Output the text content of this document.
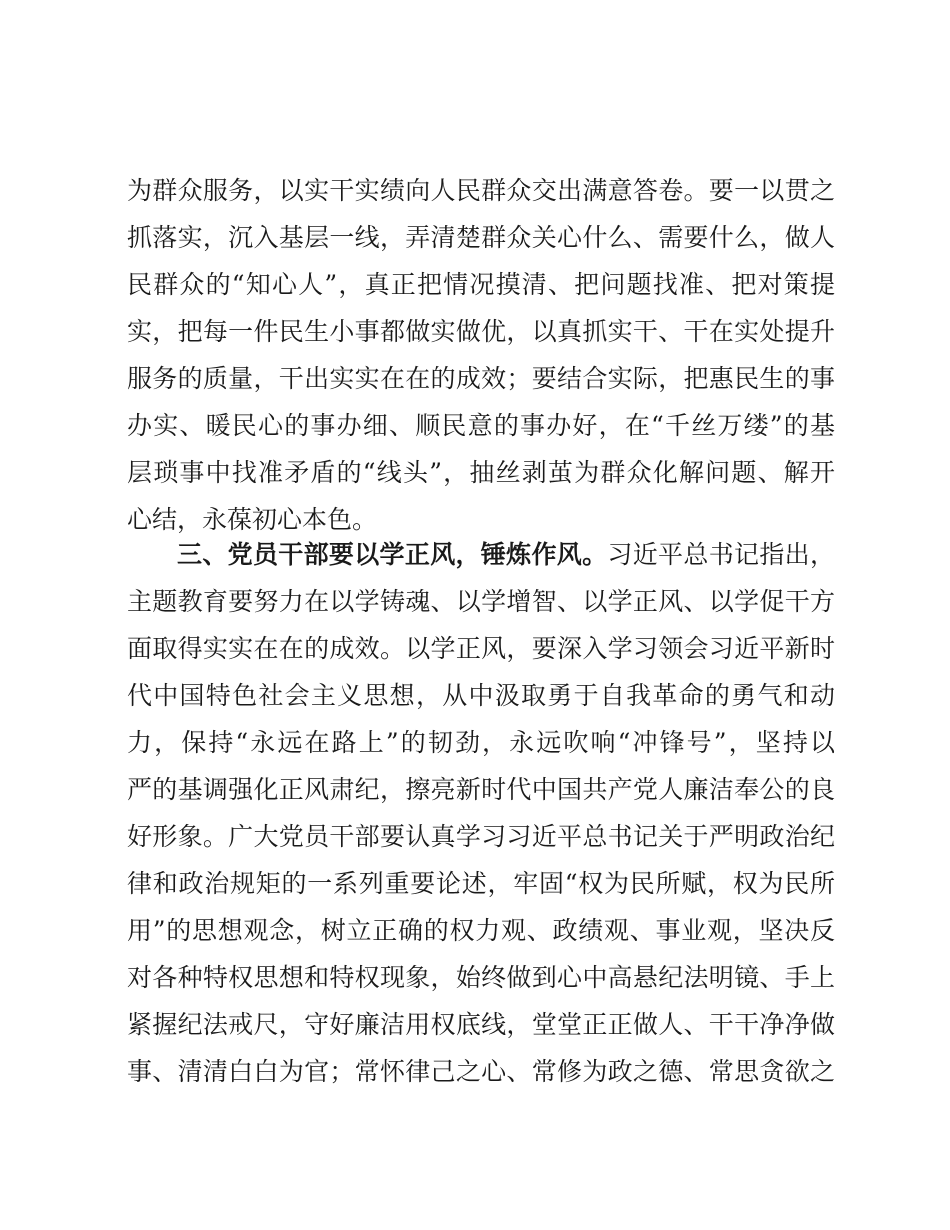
为群众服务，以实干实绩向人民群众交出满意答卷。要一以贯之
抓落实，沉入基层一线，弄清楚群众关心什么、需要什么，做人
民群众的“知心人”，真正把情况摸清、把问题找准、把对策提
实，把每一件民生小事都做实做优，以真抓实干、干在实处提升
服务的质量，干出实实在在的成效；要结合实际，把惠民生的事
办实、暖民心的事办细、顺民意的事办好，在“千丝万缕”的基
层琐事中找准矛盾的“线头”，抽丝剥茧为群众化解问题、解开
心结，永葆初心本色。
三、党员干部要以学正风，锤炼作风。习近平总书记指出，
主题教育要努力在以学铸魂、以学增智、以学正风、以学促干方
面取得实实在在的成效。以学正风，要深入学习领会习近平新时
代中国特色社会主义思想，从中汲取勇于自我革命的勇气和动
力，保持“永远在路上”的韧劲，永远吹响“冲锋号”，坚持以
严的基调强化正风肃纪，擦亮新时代中国共产党人廉洁奉公的良
好形象。广大党员干部要认真学习习近平总书记关于严明政治纪
律和政治规矩的一系列重要论述，牢固“权为民所赋，权为民所
用”的思想观念，树立正确的权力观、政绩观、事业观，坚决反
对各种特权思想和特权现象，始终做到心中高悬纪法明镜、手上
紧握纪法戒尺，守好廉洁用权底线，堂堂正正做人、干干净净做
事、清清白白为官；常怀律己之心、常修为政之德、常思贪欲之
